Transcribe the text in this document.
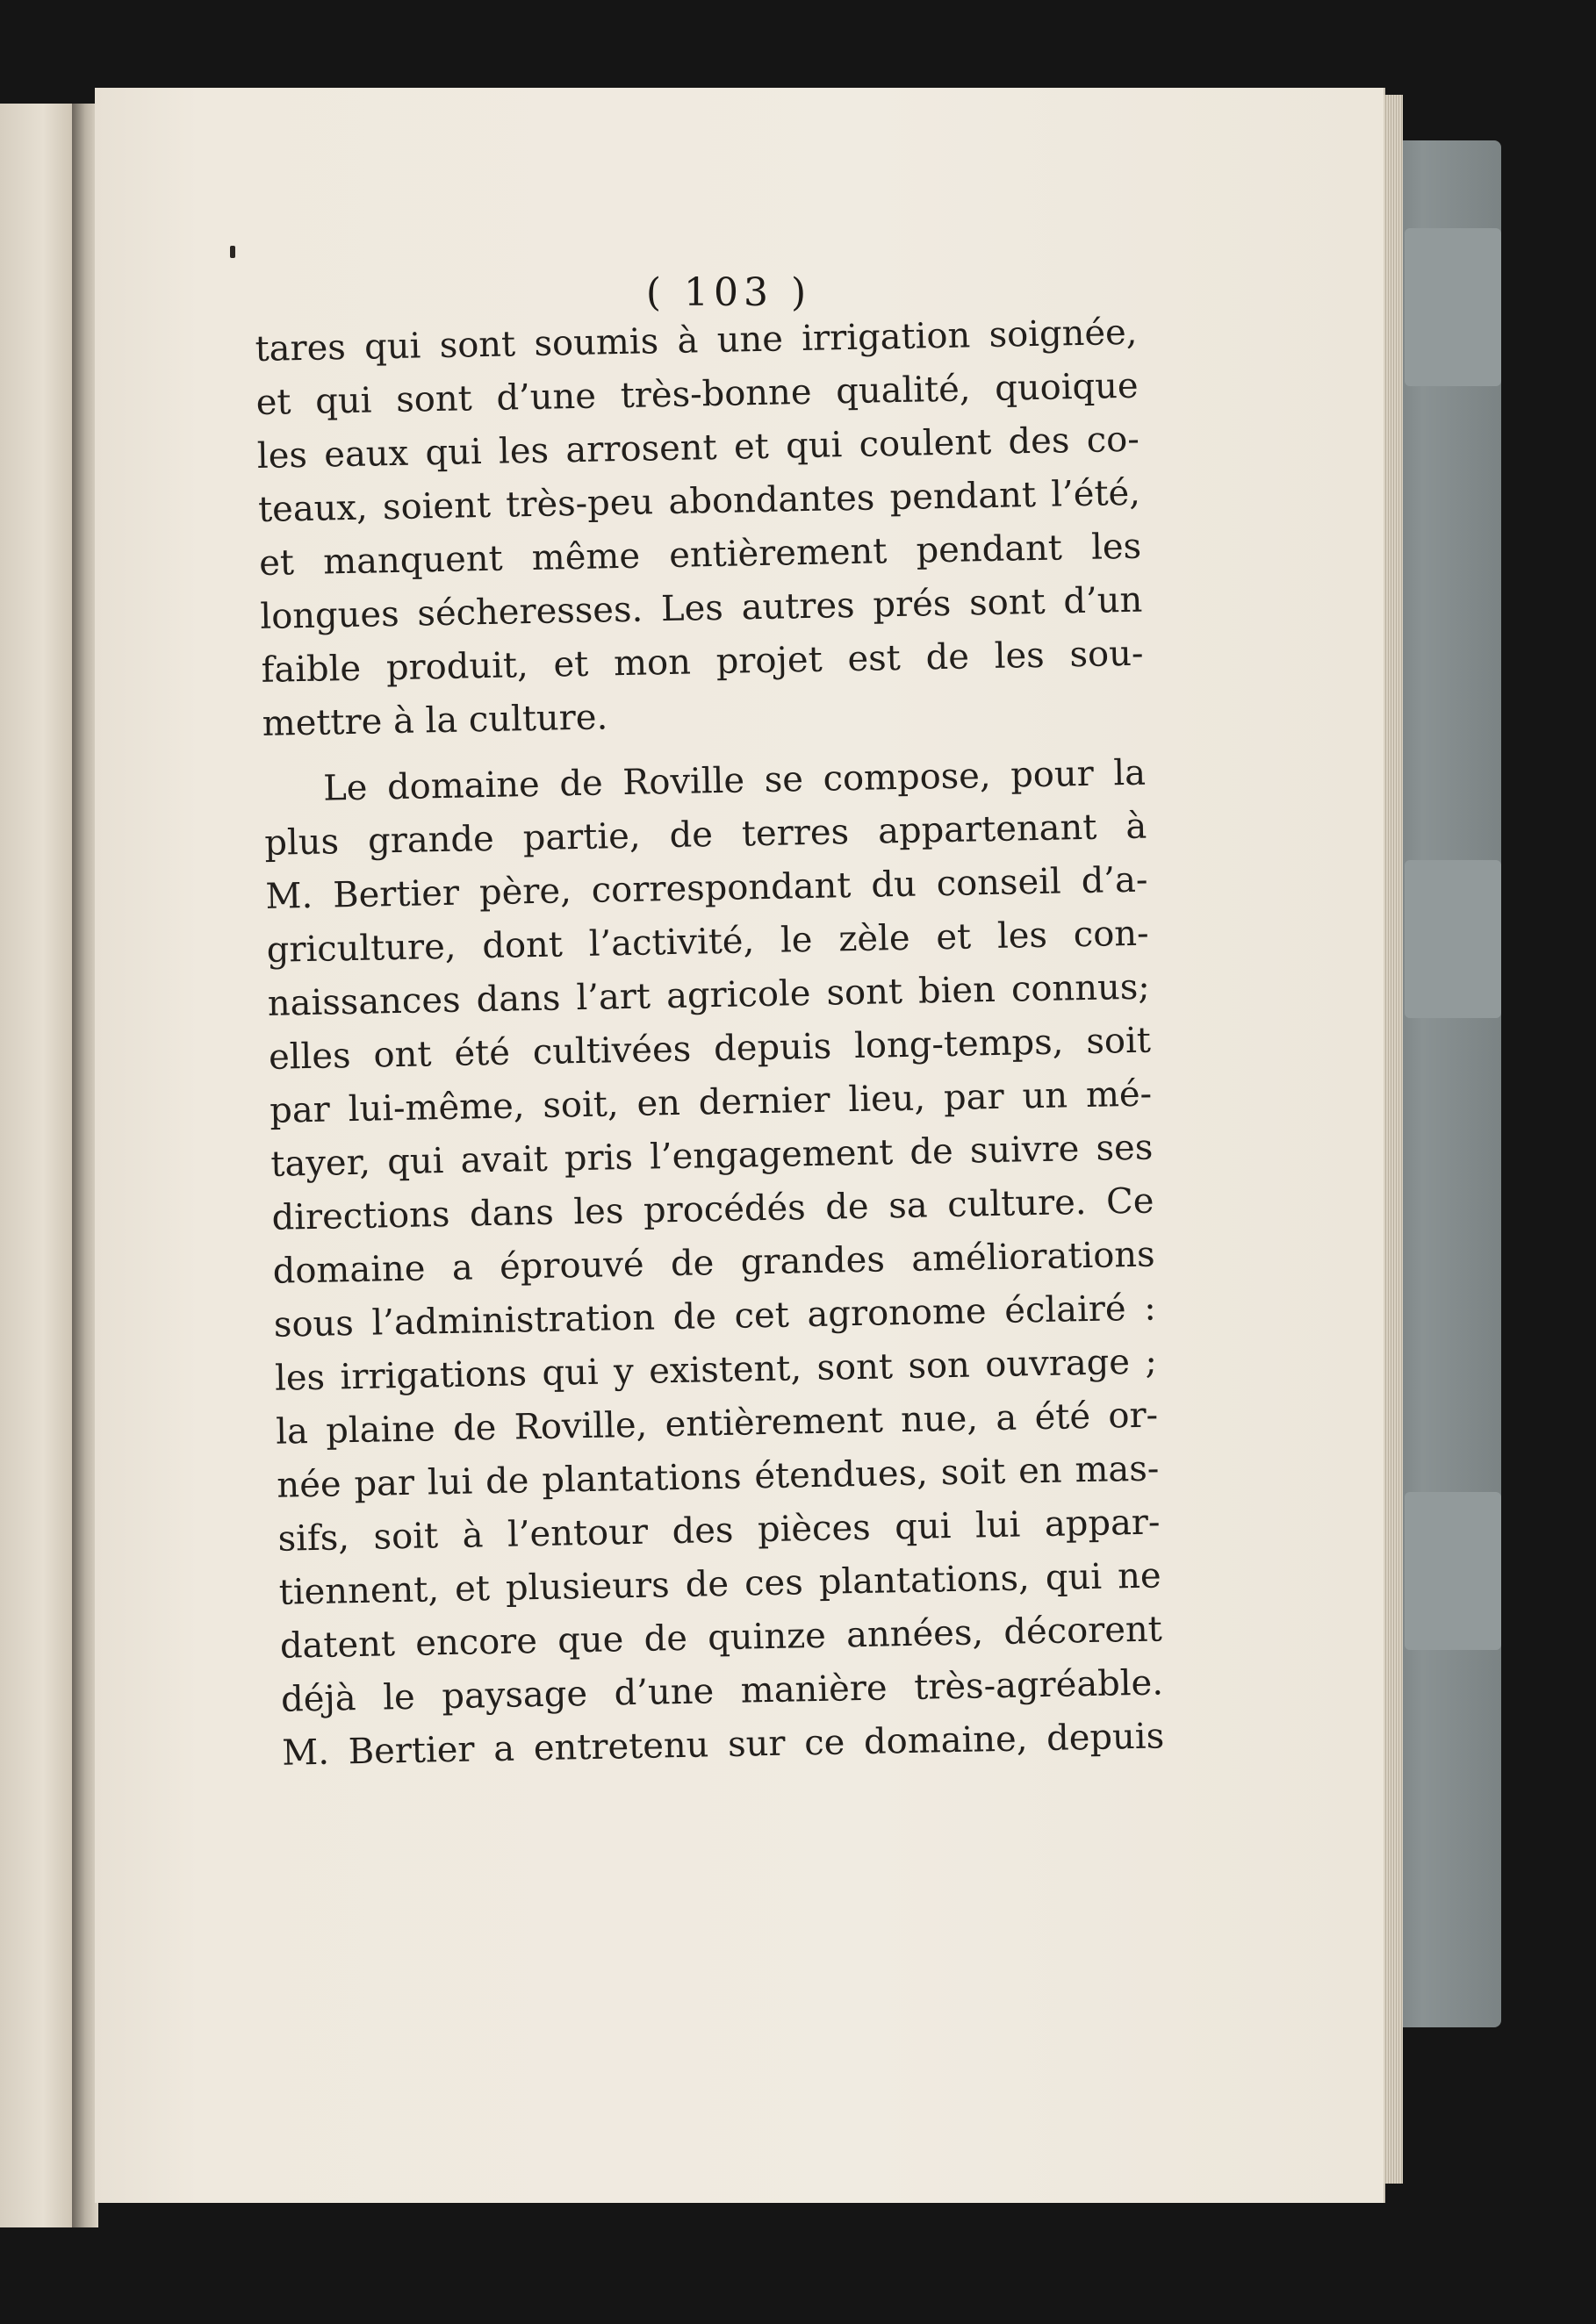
( 103 )

tares qui sont soumis à une irrigation soignée,
et qui sont d’une très-bonne qualité, quoique
les eaux qui les arrosent et qui coulent des co-
teaux, soient très-peu abondantes pendant l’été,
et manquent même entièrement pendant les
longues sécheresses. Les autres prés sont d’un
faible produit, et mon projet est de les sou-
mettre à la culture.
Le domaine de Roville se compose, pour la
plus grande partie, de terres appartenant à
M. Bertier père, correspondant du conseil d’a-
griculture, dont l’activité, le zèle et les con-
naissances dans l’art agricole sont bien connus;
elles ont été cultivées depuis long-temps, soit
par lui-même, soit, en dernier lieu, par un mé-
tayer, qui avait pris l’engagement de suivre ses
directions dans les procédés de sa culture. Ce
domaine a éprouvé de grandes améliorations
sous l’administration de cet agronome éclairé :
les irrigations qui y existent, sont son ouvrage ;
la plaine de Roville, entièrement nue, a été or-
née par lui de plantations étendues, soit en mas-
sifs, soit à l’entour des pièces qui lui appar-
tiennent, et plusieurs de ces plantations, qui ne
datent encore que de quinze années, décorent
déjà le paysage d’une manière très-agréable.
M. Bertier a entretenu sur ce domaine, depuis
